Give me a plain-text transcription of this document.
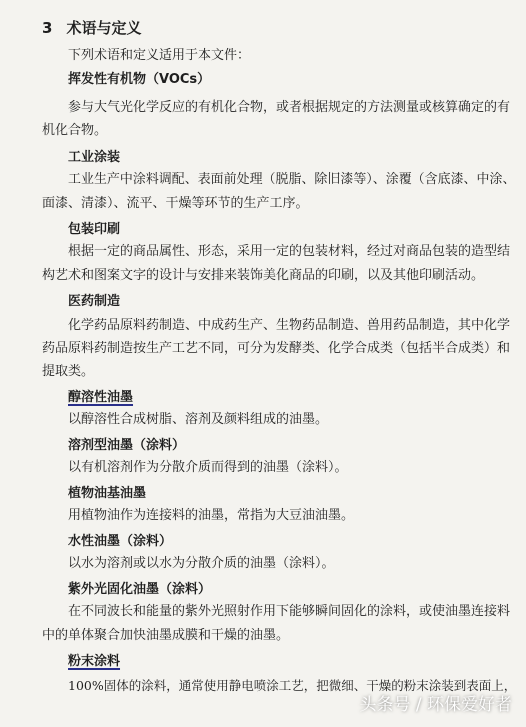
3 术语与定义
下列术语和定义适用于本文件：
挥发性有机物（VOCs）
参与大气光化学反应的有机化合物，或者根据规定的方法测量或核算确定的有
机化合物。
工业涂装
工业生产中涂料调配、表面前处理（脱脂、除旧漆等）、涂覆（含底漆、中涂、
面漆、清漆）、流平、干燥等环节的生产工序。
包装印刷
根据一定的商品属性、形态，采用一定的包装材料，经过对商品包装的造型结
构艺术和图案文字的设计与安排来装饰美化商品的印刷，以及其他印刷活动。
医药制造
化学药品原料药制造、中成药生产、生物药品制造、兽用药品制造，其中化学
药品原料药制造按生产工艺不同，可分为发酵类、化学合成类（包括半合成类）和
提取类。
醇溶性油墨
以醇溶性合成树脂、溶剂及颜料组成的油墨。
溶剂型油墨（涂料）
以有机溶剂作为分散介质而得到的油墨（涂料）。
植物油基油墨
用植物油作为连接料的油墨，常指为大豆油油墨。
水性油墨（涂料）
以水为溶剂或以水为分散介质的油墨（涂料）。
紫外光固化油墨（涂料）
在不同波长和能量的紫外光照射作用下能够瞬间固化的涂料，或使油墨连接料
中的单体聚合加快油墨成膜和干燥的油墨。
粉末涂料
100%固体的涂料，通常使用静电喷涂工艺，把微细、干燥的粉末涂装到表面上，
头条号 / 环保爱好者
